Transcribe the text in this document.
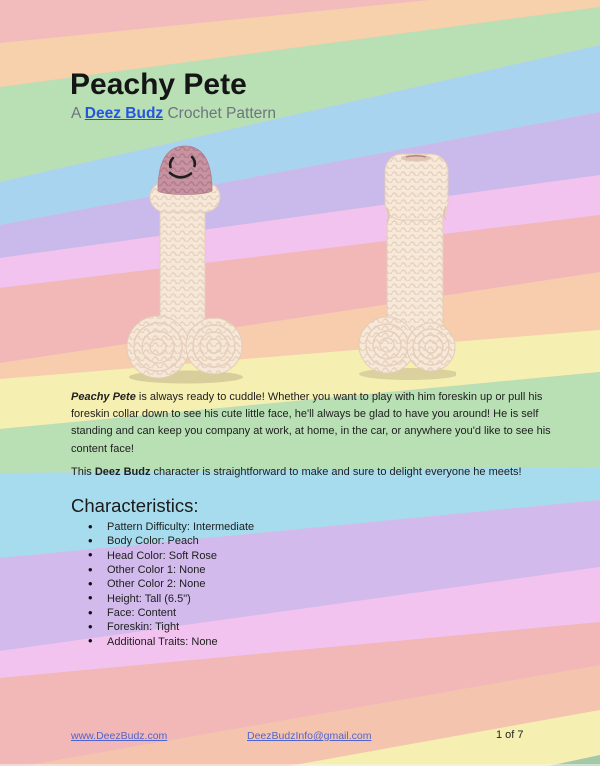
Peachy Pete
A Deez Budz Crochet Pattern
Peachy Pete is always ready to cuddle! Whether you want to play with him foreskin up or pull his foreskin collar down to see his cute little face, he'll always be glad to have you around! He is self standing and can keep you company at work, at home, in the car, or anywhere you'd like to see his content face!
This Deez Budz character is straightforward to make and sure to delight everyone he meets!
Characteristics:
• Pattern Difficulty: Intermediate
• Body Color: Peach
• Head Color: Soft Rose
• Other Color 1: None
• Other Color 2: None
• Height: Tall (6.5")
• Face: Content
• Foreskin: Tight
• Additional Traits: None
www.DeezBudz.com	DeezBudzInfo@gmail.com	1 of 7
